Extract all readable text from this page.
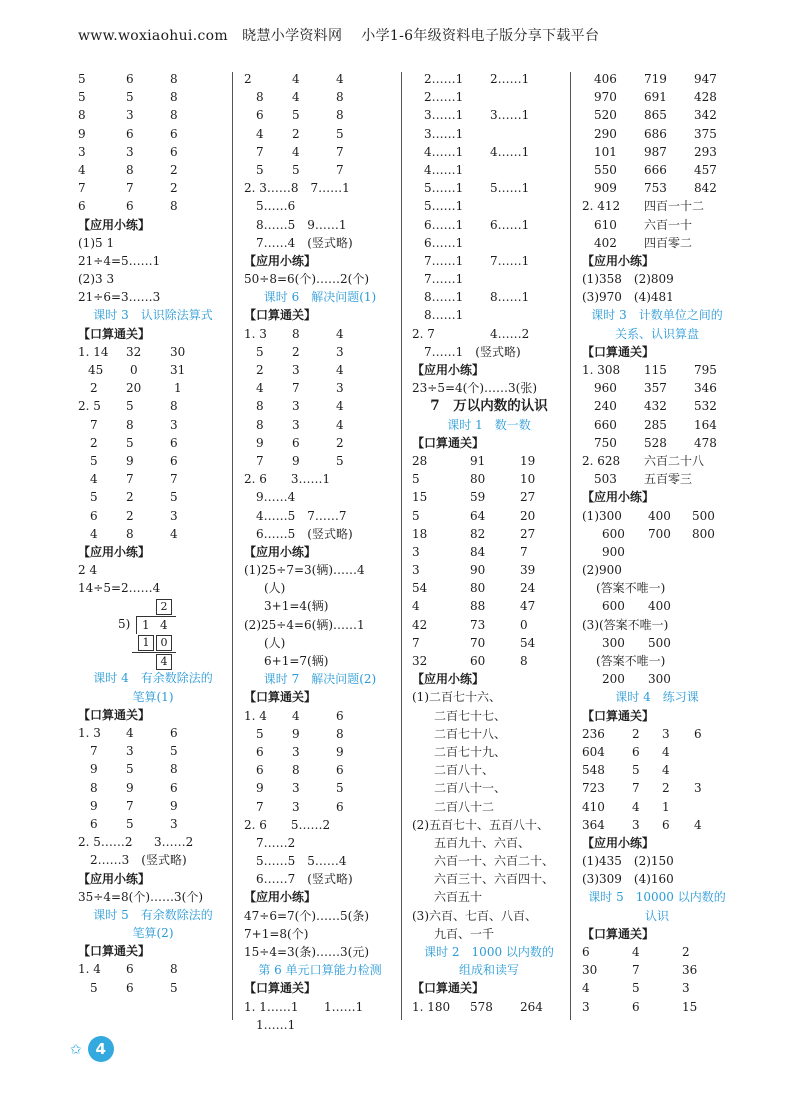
www.woxiaohui.com 晓慧小学资料网 小学1-6年级资料电子版分享下载平台
5	6	8
5	5	8
8	3	8
9	6	6
3	3	6
4	8	2
7	7	2
6	6	8
【应用小练】
(1)5 1
21÷4=5……1
(2)3 3
21÷6=3……3
课时 3　认识除法算式
【口算通关】
1. 14 32 30
45 0	31
2 20	1
2. 5 5	8
7 8	3
2 5	6
5 9	6
4 7	7
5 2	5
6 2	3
4 8	4
【应用小练】
2 4
14÷5=2……4
2
5) 1 4
1	0
4
课时 4　有余数除法的
笔算(1)
【口算通关】
1. 3 4	6
7 3	5
9 5	8
8 9	6
9 7	9
6 5	3
2. 5……2 3……2
2……3　(竖式略)
【应用小练】
35÷4=8(个)……3(个)
课时 5　有余数除法的
笔算(2)
【口算通关】
1. 4 6	8
5 6	5
2	4	4
8 4	8
6 5	8
4 2	5
7 4	7
5 5	7
2. 3……8　7……1
5……6
8……5　9……1
7……4　(竖式略)
【应用小练】
50÷8=6(个)……2(个)
课时 6　解决问题(1)
【口算通关】
1. 3 8	4
5 2	3
2 3	4
4 7	3
8 3	4
8 3	4
9 6	2
7 9	5
2. 6　　3……1
9……4
4……5　7……7
6……5　(竖式略)
【应用小练】
(1)25÷7=3(辆)……4
(人)
3+1=4(辆)
(2)25÷4=6(辆)……1
(人)
6+1=7(辆)
课时 7　解决问题(2)
【口算通关】
1. 4 4	6
5 9	8
6 3	9
6 8	6
9 3	5
7 3	6
2. 6　　5……2
7……2
5……5　5……4
6……7　(竖式略)
【应用小练】
47÷6=7(个)……5(条)
7+1=8(个)
15÷4=3(条)……3(元)
第 6 单元口算能力检测
【口算通关】
1. 1……1 1……1
1……1
2……1 2……1
2……1
3……1 3……1
3……1
4……1 4……1
4……1
5……1 5……1
5……1
6……1 6……1
6……1
7……1 7……1
7……1
8……1 8……1
8……1
2. 7	4……2
7……1　(竖式略)
【应用小练】
23÷5=4(个)……3(张)
7　万以内数的认识
课时 1　数一数
【口算通关】
28	91	19
5	80	10
15	59	27
5	64	20
18	82	27
3	84	7
3	90	39
54	80	24
4	88	47
42	73	0
7	70	54
32	60	8
【应用小练】
(1)二百七十六、
二百七十七、
二百七十八、
二百七十九、
二百八十、
二百八十一、
二百八十二
(2)五百七十、五百八十、
五百九十、六百、
六百一十、六百二十、
六百三十、六百四十、
六百五十
(3)六百、七百、八百、
九百、一千
课时 2　1000 以内数的
组成和读写
【口算通关】
1. 180 578 264
406 719 947
970 691 428
520 865 342
290 686 375
101 987 293
550 666 457
909 753 842
2. 412 四百一十二
610 六百一十
402 四百零二
【应用小练】
(1)358　(2)809
(3)970　(4)481
课时 3　计数单位之间的
关系、认识算盘
【口算通关】
1. 308 115 795
960 357 346
240 432 532
660 285 164
750 528 478
2. 628 六百二十八
503 五百零三
【应用小练】
(1)300 400 500
600 700 800
900
(2)900
(答案不唯一)
600 400
(3)(答案不唯一)
300 500
(答案不唯一)
200 300
课时 4　练习课
【口算通关】
236 2 3 6
604 6 4
548 5 4
723 7 2 3
410 4 1
364 3 6 4
【应用小练】
(1)435　(2)150
(3)309　(4)160
课时 5　10000 以内数的
认识
【口算通关】
6	4	2
30	7	36
4	5	3
3	6	15
✩ 4
